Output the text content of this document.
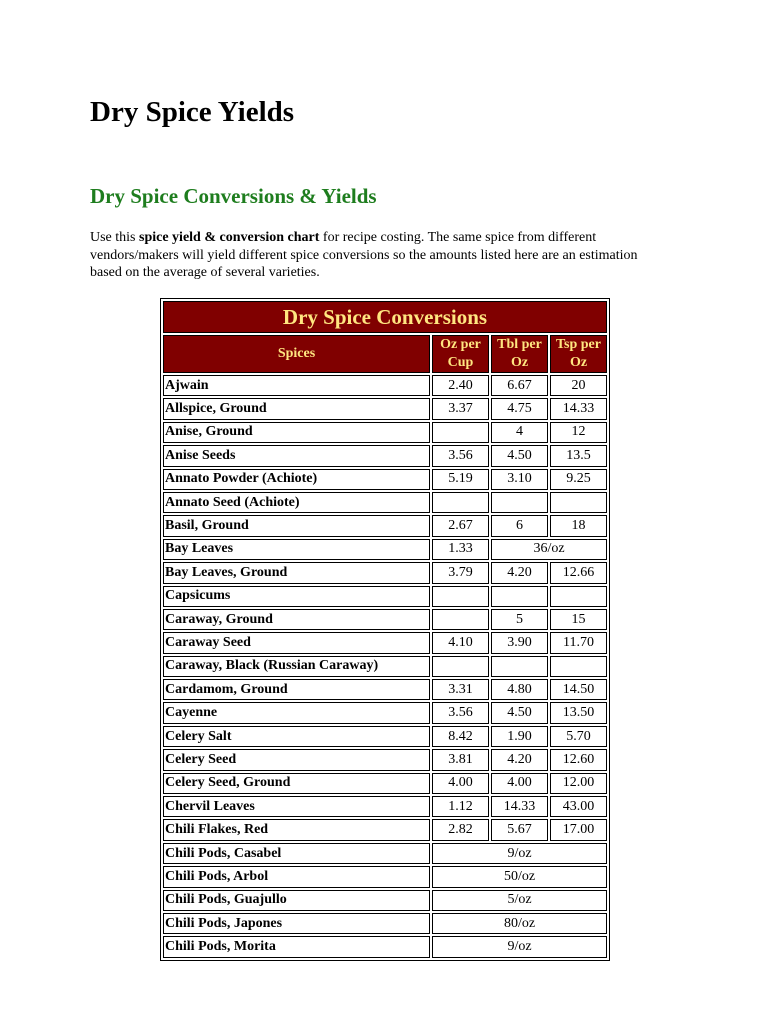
Dry Spice Yields
Dry Spice Conversions & Yields

Use this spice yield & conversion chart for recipe costing. The same spice from different vendors/makers will yield different spice conversions so the amounts listed here are an estimation based on the average of several varieties.

Dry Spice Conversions			
Spices	Oz per Cup	Tbl per Oz	Tsp per Oz
Ajwain	2.40	6.67	20
Allspice, Ground	3.37	4.75	14.33
Anise, Ground		4	12
Anise Seeds	3.56	4.50	13.5
Annato Powder (Achiote)	5.19	3.10	9.25
Annato Seed (Achiote)			
Basil, Ground	2.67	6	18
Bay Leaves	1.33	36/oz	
Bay Leaves, Ground	3.79	4.20	12.66
Capsicums			
Caraway, Ground		5	15
Caraway Seed	4.10	3.90	11.70
Caraway, Black (Russian Caraway)			
Cardamom, Ground	3.31	4.80	14.50
Cayenne	3.56	4.50	13.50
Celery Salt	8.42	1.90	5.70
Celery Seed	3.81	4.20	12.60
Celery Seed, Ground	4.00	4.00	12.00
Chervil Leaves	1.12	14.33	43.00
Chili Flakes, Red	2.82	5.67	17.00
Chili Pods, Casabel	9/oz		
Chili Pods, Arbol	50/oz		
Chili Pods, Guajullo	5/oz		
Chili Pods, Japones	80/oz		
Chili Pods, Morita	9/oz		
